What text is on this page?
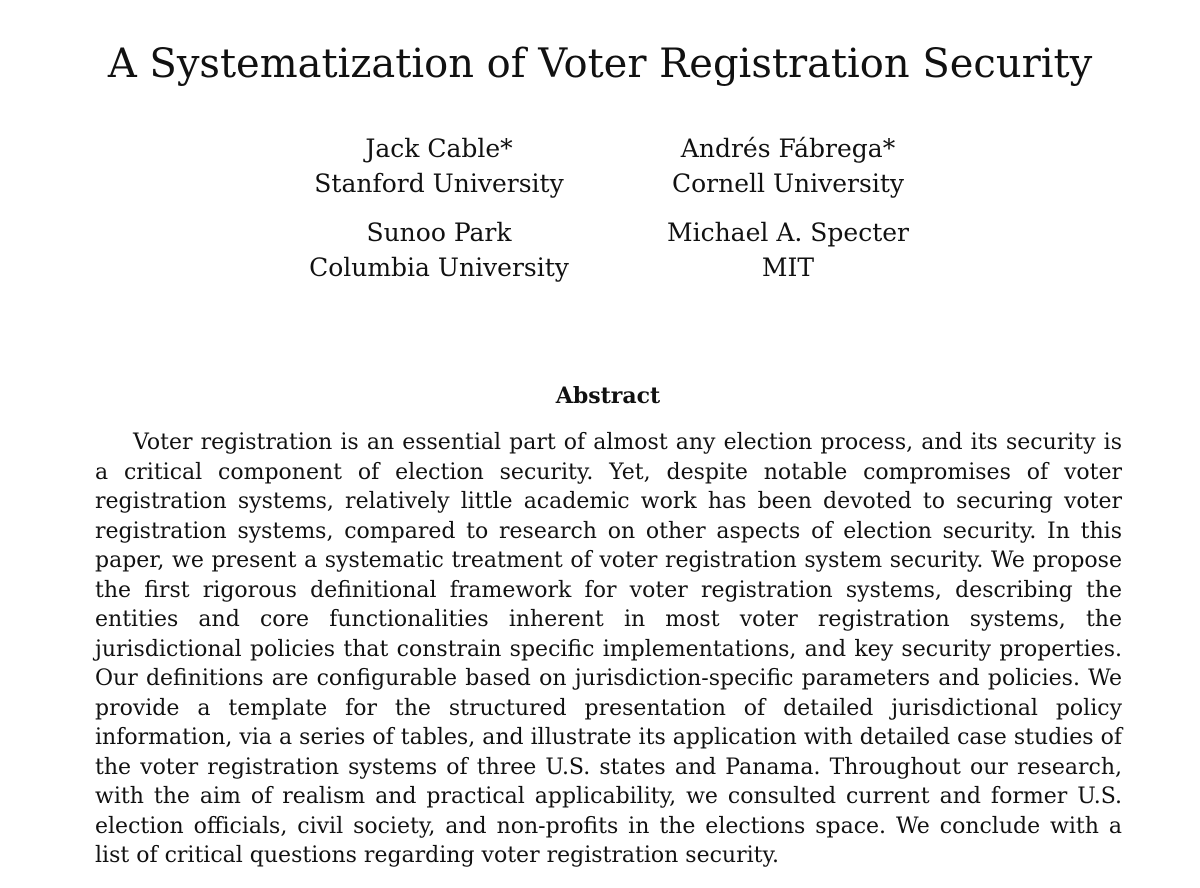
A Systematization of Voter Registration Security
Jack Cable*
Stanford University
Andrés Fábrega*
Cornell University
Sunoo Park
Columbia University
Michael A. Specter
MIT
Abstract

Voter registration is an essential part of almost any election process, and its security is a critical component of election security. Yet, despite notable compromises of voter registration systems, relatively little academic work has been devoted to securing voter registration systems, compared to research on other aspects of election security. In this paper, we present a systematic treatment of voter registration system security. We propose the first rigorous definitional framework for voter registration systems, describing the entities and core functionalities inherent in most voter registration systems, the jurisdictional policies that constrain specific implementations, and key security properties. Our definitions are configurable based on jurisdiction-specific parameters and policies. We provide a template for the structured presentation of detailed jurisdictional policy information, via a series of tables, and illustrate its application with detailed case studies of the voter registration systems of three U.S. states and Panama. Throughout our research, with the aim of realism and practical applicability, we consulted current and former U.S. election officials, civil society, and non-profits in the elections space. We conclude with a list of critical questions regarding voter registration security.
